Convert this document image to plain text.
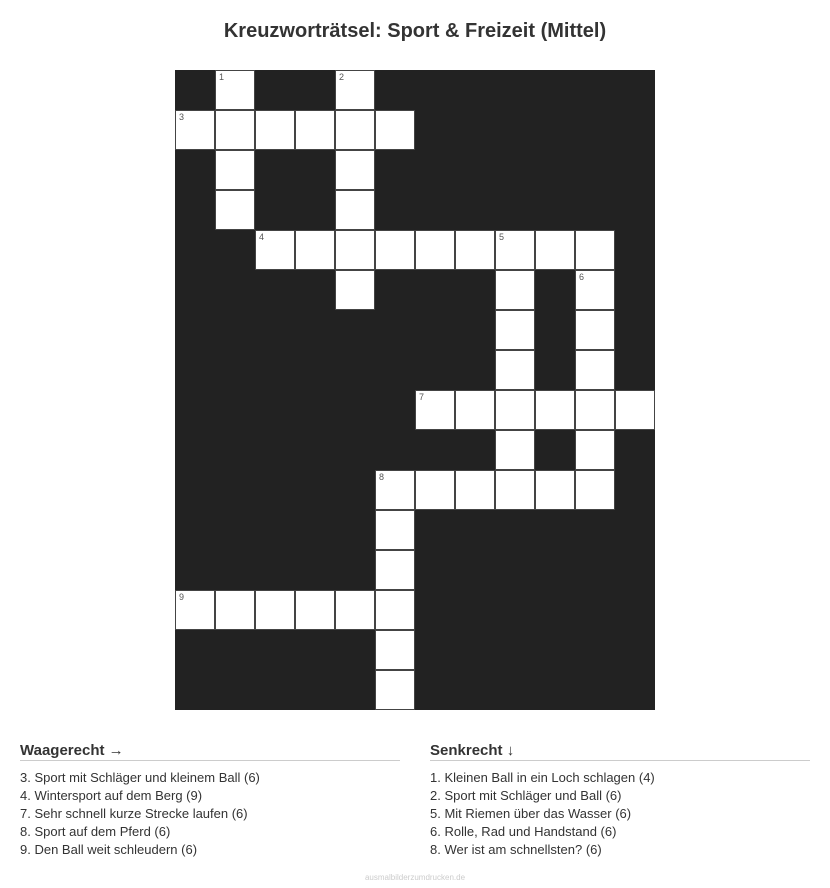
Kreuzworträtsel: Sport & Freizeit (Mittel)
1	2
3
4	5
6
7
8
9
Waagerecht →
3. Sport mit Schläger und kleinem Ball (6)
4. Wintersport auf dem Berg (9)
7. Sehr schnell kurze Strecke laufen (6)
8. Sport auf dem Pferd (6)
9. Den Ball weit schleudern (6)
Senkrecht ↓
1. Kleinen Ball in ein Loch schlagen (4)
2. Sport mit Schläger und Ball (6)
5. Mit Riemen über das Wasser (6)
6. Rolle, Rad und Handstand (6)
8. Wer ist am schnellsten? (6)
ausmalbilderzumdrucken.de
